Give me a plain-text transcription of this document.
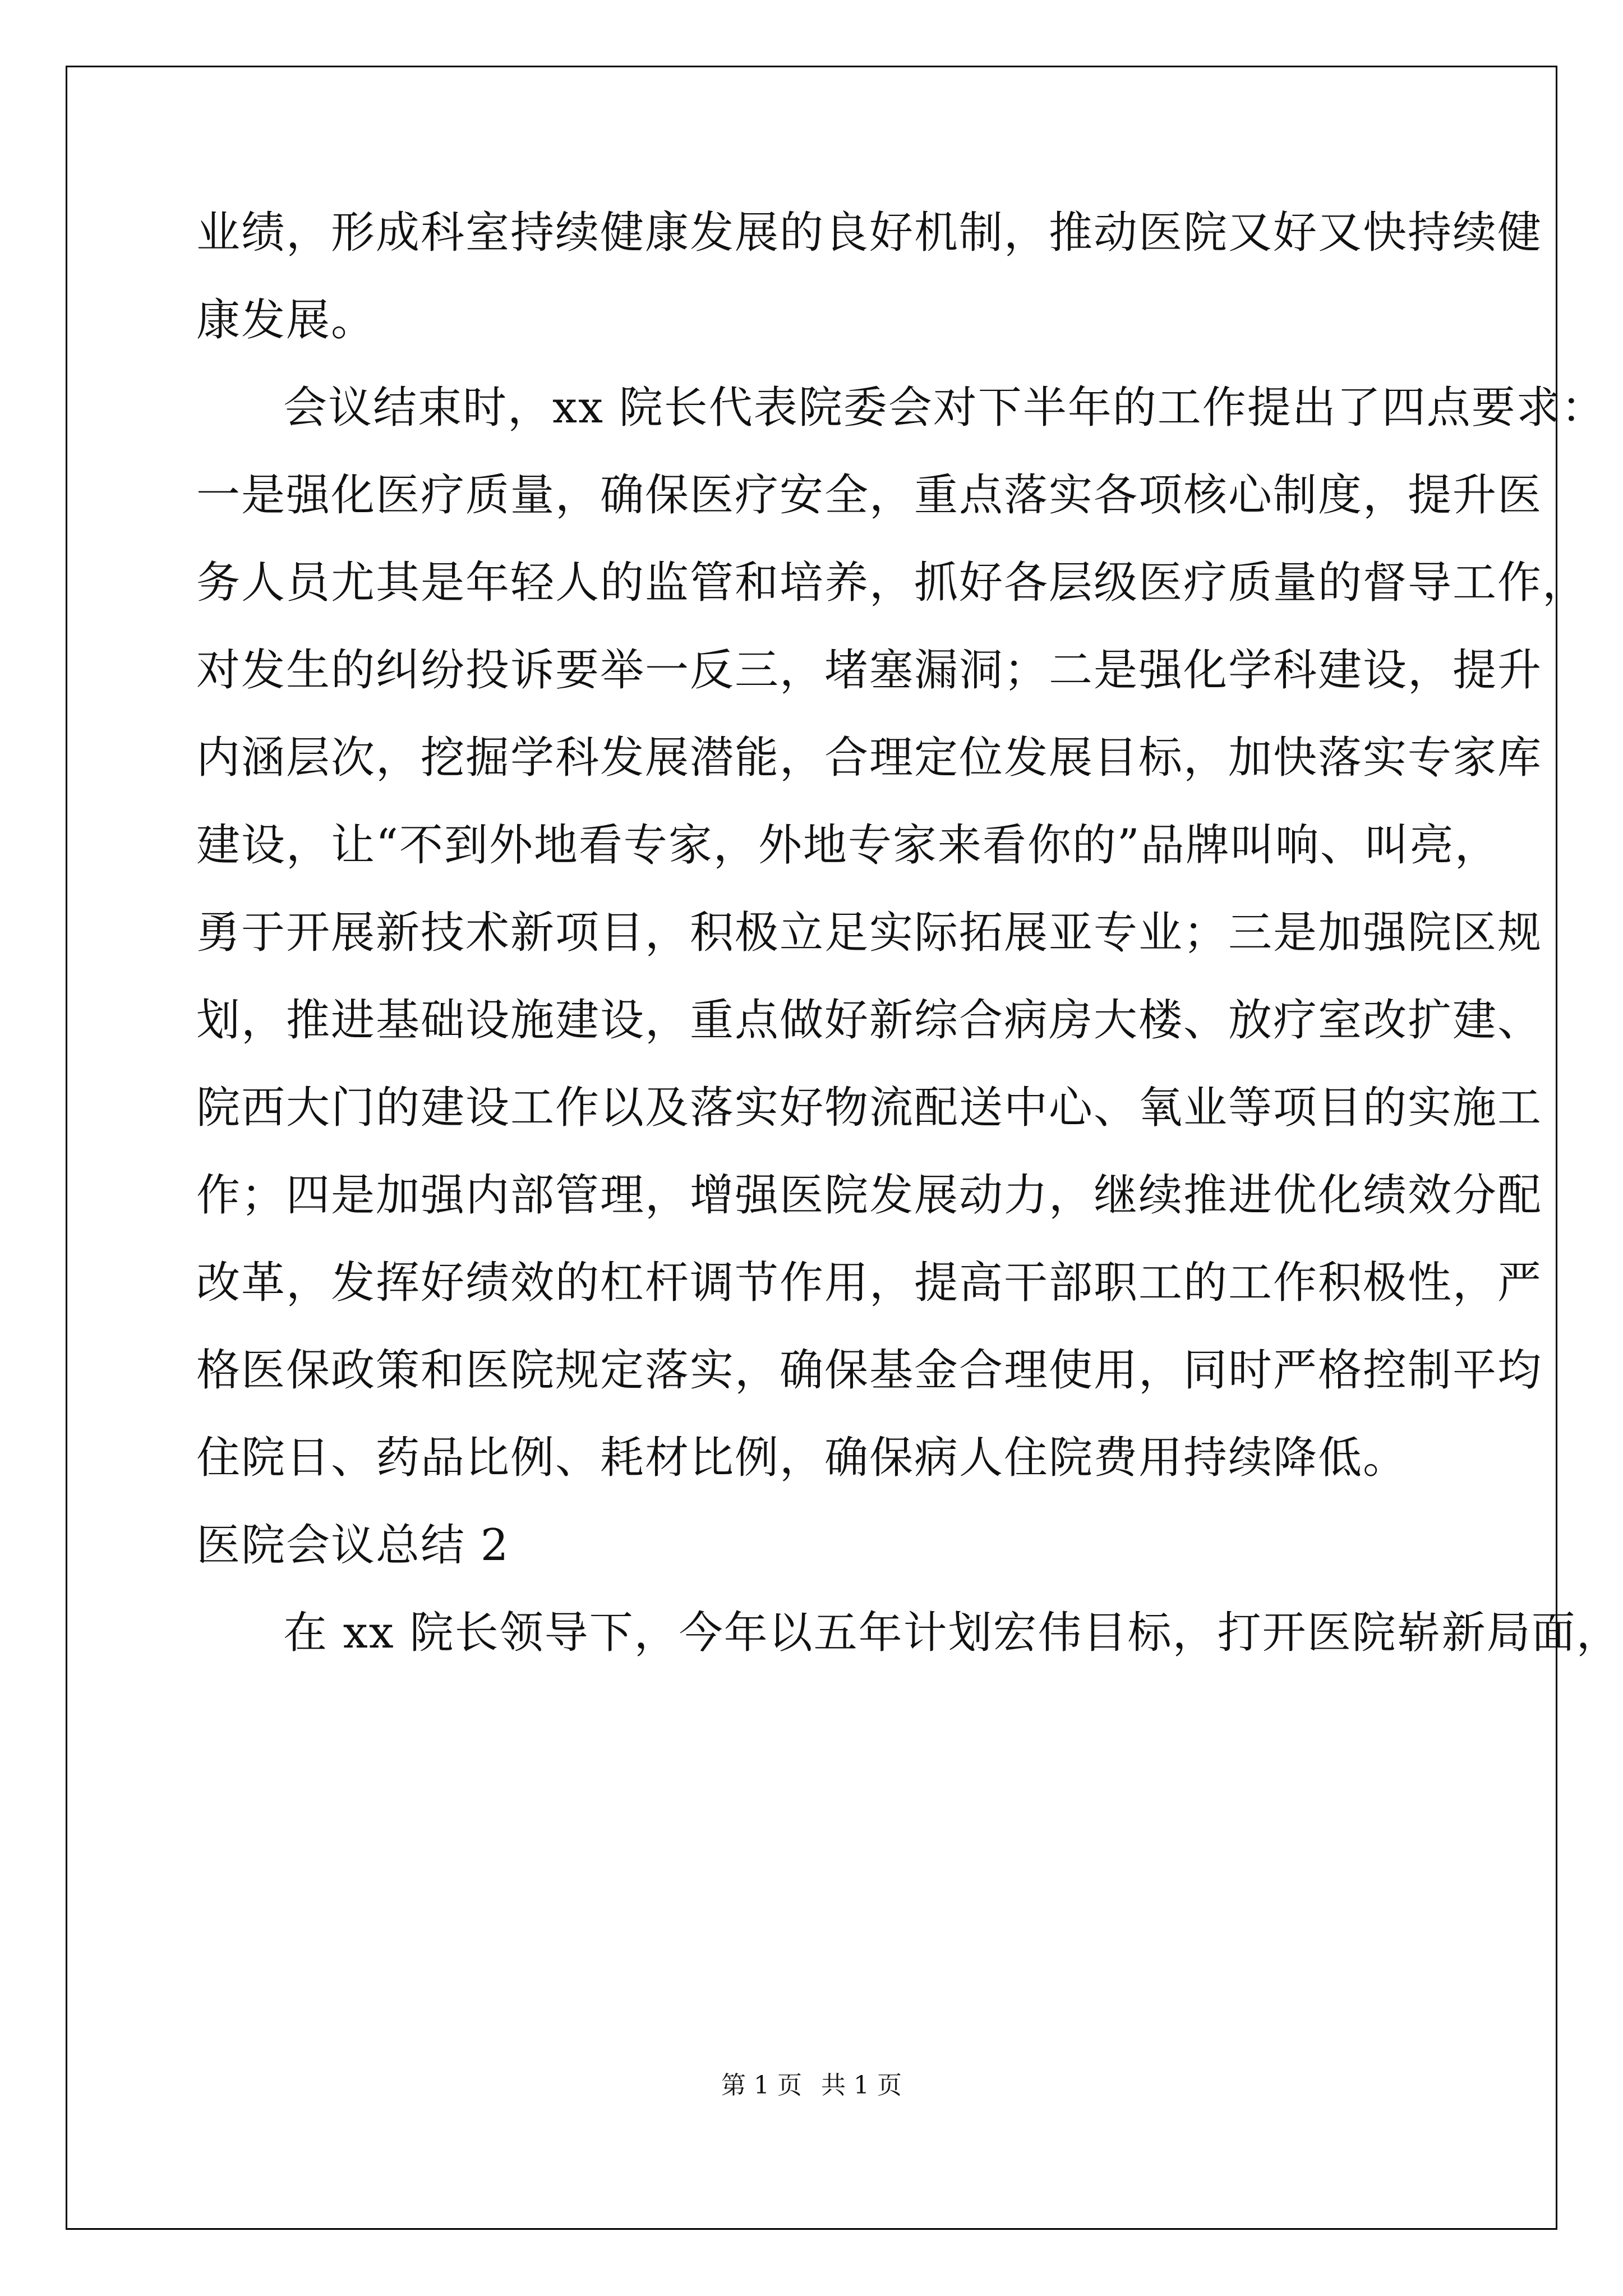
业绩，形成科室持续健康发展的良好机制，推动医院又好又快持续健
康发展。
会议结束时，xx 院长代表院委会对下半年的工作提出了四点要求：
一是强化医疗质量，确保医疗安全，重点落实各项核心制度，提升医
务人员尤其是年轻人的监管和培养，抓好各层级医疗质量的督导工作，
对发生的纠纷投诉要举一反三，堵塞漏洞；二是强化学科建设，提升
内涵层次，挖掘学科发展潜能，合理定位发展目标，加快落实专家库
建设，让“不到外地看专家，外地专家来看你的”品牌叫响、叫亮，
勇于开展新技术新项目，积极立足实际拓展亚专业；三是加强院区规
划，推进基础设施建设，重点做好新综合病房大楼、放疗室改扩建、
院西大门的建设工作以及落实好物流配送中心、氧业等项目的实施工
作；四是加强内部管理，增强医院发展动力，继续推进优化绩效分配
改革，发挥好绩效的杠杆调节作用，提高干部职工的工作积极性，严
格医保政策和医院规定落实，确保基金合理使用，同时严格控制平均
住院日、药品比例、耗材比例，确保病人住院费用持续降低。
医院会议总结 2
在 xx 院长领导下，今年以五年计划宏伟目标，打开医院崭新局面，
第 1 页 共 1 页
